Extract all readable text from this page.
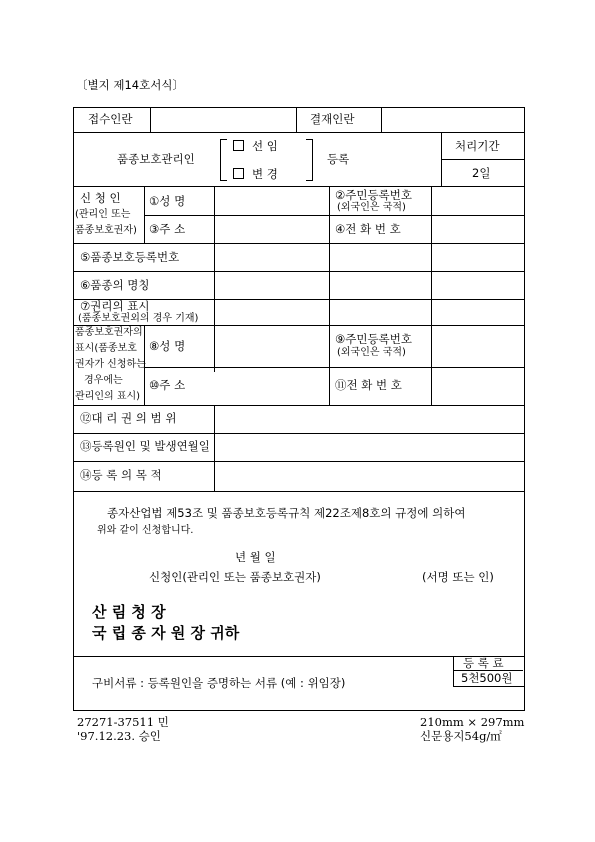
〔별지 제14호서식〕
접수인란	결재인란
품종보호관리인
선 임
변 경
등록
처리기간
2일
신 청 인
(관리인 또는
품종보호권자)
①성 명
③주 소
②주민등록번호
(외국인은 국적)
④전 화 번 호
⑤품종보호등록번호
⑥품종의 명칭
⑦권리의 표시
(품종보호권외의 경우 기재)
품종보호권자의
표시(품종보호
권자가 신청하는
경우에는
관리인의 표시)
⑧성 명
⑩주 소
⑨주민등록번호
(외국인은 국적)
⑪전 화 번 호
⑫대 리 권 의 범 위
⑬등록원인 및 발생연월일
⑭등 록 의 목 적
종자산업법 제53조 및 품종보호등록규칙 제22조제8호의 규정에 의하여
위와 같이 신청합니다.
년 월 일
신청인(관리인 또는 품종보호권자)	(서명 또는 인)
산 림 청 장
국 립 종 자 원 장 귀하
구비서류 : 등록원인을 증명하는 서류 (예 : 위임장)
등 록 료
5천500원
27271-37511 민
'97.12.23. 승인
210mm × 297mm
신문용지54g/㎡
